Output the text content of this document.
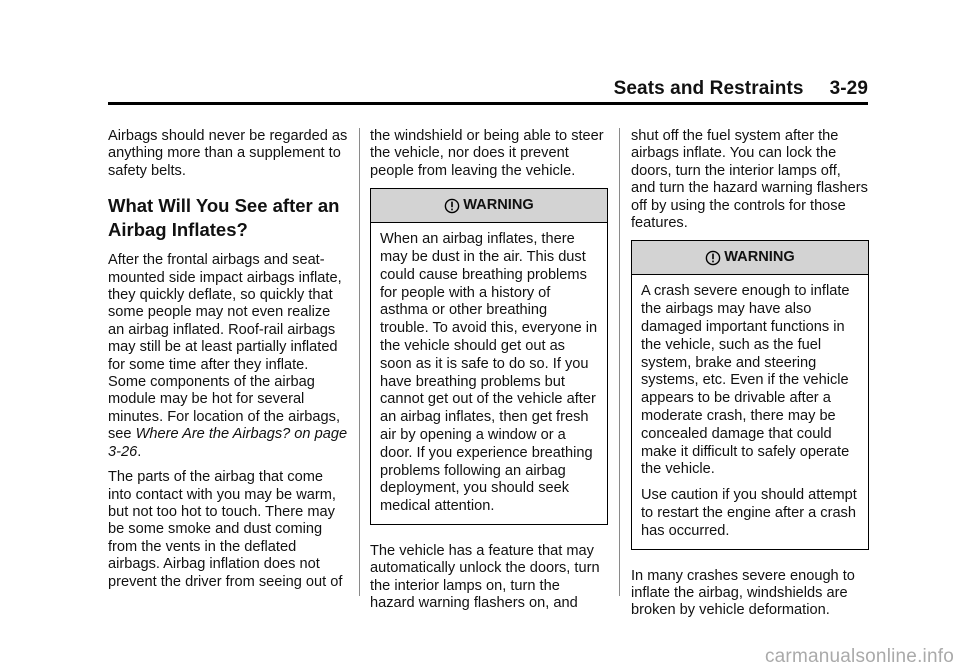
Seats and Restraints 3-29

Airbags should never be regarded as anything more than a supplement to safety belts.

What Will You See after an Airbag Inflates?

After the frontal airbags and seat-mounted side impact airbags inflate, they quickly deflate, so quickly that some people may not even realize an airbag inflated. Roof-rail airbags may still be at least partially inflated for some time after they inflate. Some components of the airbag module may be hot for several minutes. For location of the airbags, see Where Are the Airbags? on page 3-26.

The parts of the airbag that come into contact with you may be warm, but not too hot to touch. There may be some smoke and dust coming from the vents in the deflated airbags. Airbag inflation does not prevent the driver from seeing out of

the windshield or being able to steer the vehicle, nor does it prevent people from leaving the vehicle.

WARNING

When an airbag inflates, there may be dust in the air. This dust could cause breathing problems for people with a history of asthma or other breathing trouble. To avoid this, everyone in the vehicle should get out as soon as it is safe to do so. If you have breathing problems but cannot get out of the vehicle after an airbag inflates, then get fresh air by opening a window or a door. If you experience breathing problems following an airbag deployment, you should seek medical attention.

The vehicle has a feature that may automatically unlock the doors, turn the interior lamps on, turn the hazard warning flashers on, and

shut off the fuel system after the airbags inflate. You can lock the doors, turn the interior lamps off, and turn the hazard warning flashers off by using the controls for those features.

WARNING

A crash severe enough to inflate the airbags may have also damaged important functions in the vehicle, such as the fuel system, brake and steering systems, etc. Even if the vehicle appears to be drivable after a moderate crash, there may be concealed damage that could make it difficult to safely operate the vehicle.

Use caution if you should attempt to restart the engine after a crash has occurred.

In many crashes severe enough to inflate the airbag, windshields are broken by vehicle deformation.

carmanualsonline.info
